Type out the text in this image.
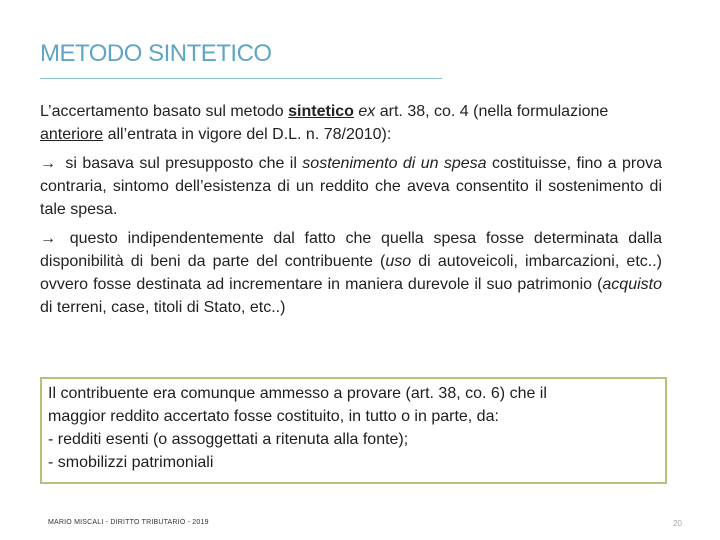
METODO SINTETICO

L’accertamento basato sul metodo sintetico ex art. 38, co. 4 (nella formulazione anteriore all’entrata in vigore del D.L. n. 78/2010):

→ si basava sul presupposto che il sostenimento di un spesa costituisse, fino a prova contraria, sintomo dell’esistenza di un reddito che aveva consentito il sostenimento di tale spesa.

→ questo indipendentemente dal fatto che quella spesa fosse determinata dalla disponibilità di beni da parte del contribuente (uso di autoveicoli, imbarcazioni, etc..) ovvero fosse destinata ad incrementare in maniera durevole il suo patrimonio (acquisto di terreni, case, titoli di Stato, etc..)

Il contribuente era comunque ammesso a provare (art. 38, co. 6) che il
maggior reddito accertato fosse costituito, in tutto o in parte, da:
- redditi esenti (o assoggettati a ritenuta alla fonte);
- smobilizzi patrimoniali
MARIO MISCALI - DIRITTO TRIBUTARIO - 2019	20
